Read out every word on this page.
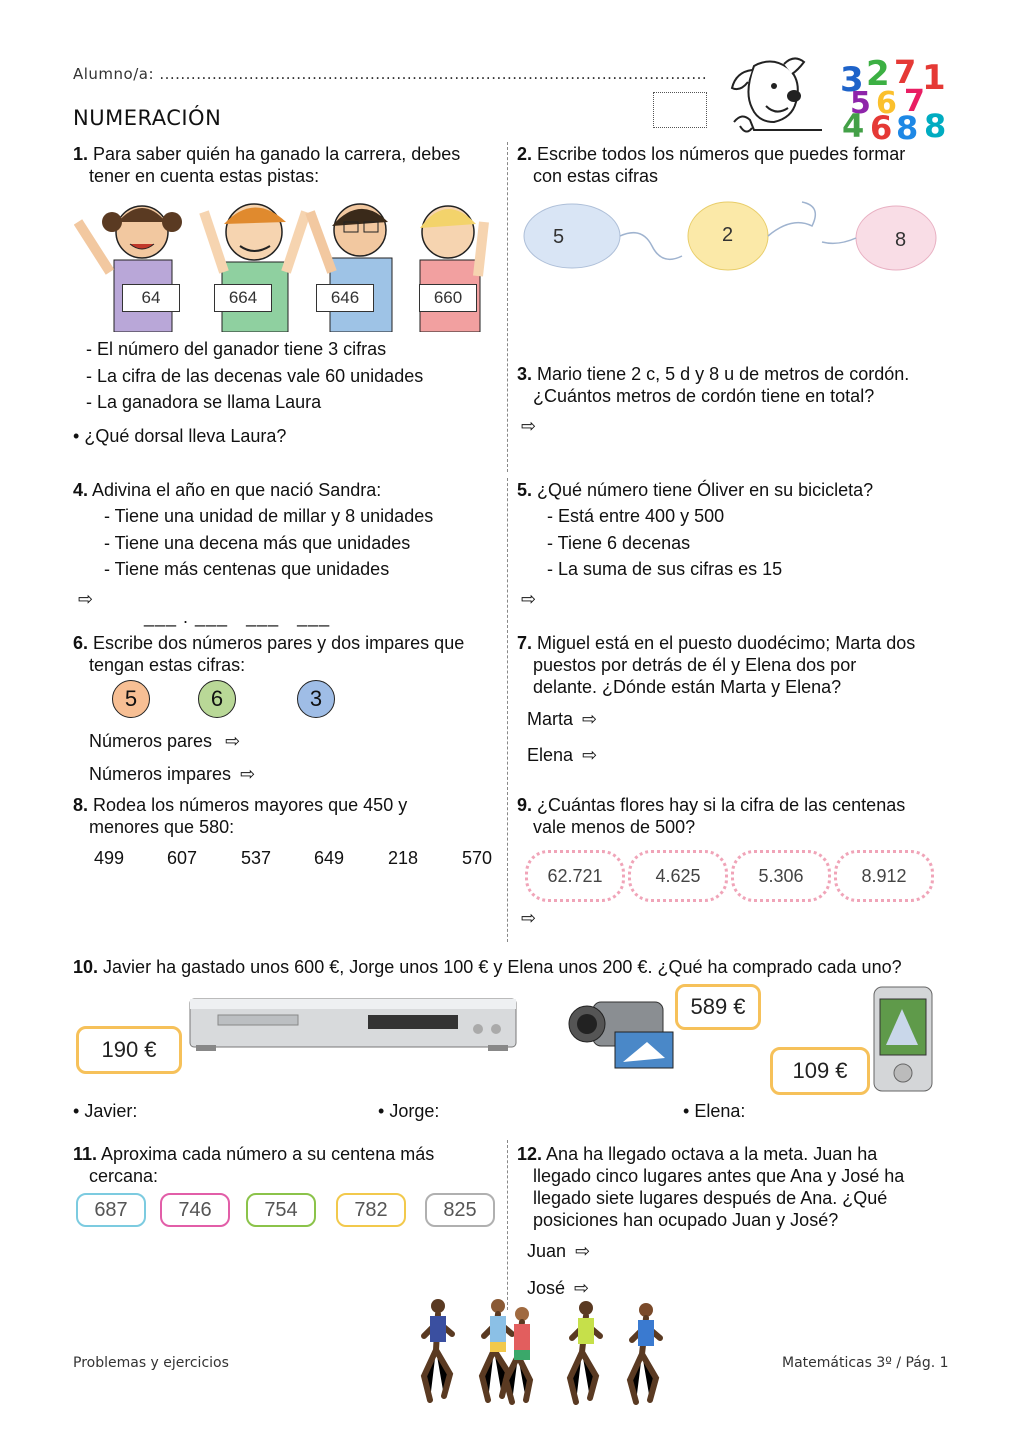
Alumno/a: ........................................................................................................
NUMERACIÓN
3 2 7 1
5 6 7
4 6 8 8
1. Para saber quién ha ganado la carrera, debes
tener en cuenta estas pistas:
64	664	646	660
- El número del ganador tiene 3 cifras
- La cifra de las decenas vale 60 unidades
- La ganadora se llama Laura
• ¿Qué dorsal lleva Laura?
2. Escribe todos los números que puedes formar
con estas cifras
5	2	8
3. Mario tiene 2 c, 5 d y 8 u de metros de cordón.
¿Cuántos metros de cordón tiene en total?
⇨
4. Adivina el año en que nació Sandra:
- Tiene una unidad de millar y 8 unidades
- Tiene una decena más que unidades
- Tiene más centenas que unidades
⇨
___ . ___   ___   ___
5. ¿Qué número tiene Óliver en su bicicleta?
- Está entre 400 y 500
- Tiene 6 decenas
- La suma de sus cifras es 15
⇨
6. Escribe dos números pares y dos impares que
tengan estas cifras:
5	6	3
Números pares ⇨
Números impares ⇨
7. Miguel está en el puesto duodécimo; Marta dos
puestos por detrás de él y Elena dos por
delante. ¿Dónde están Marta y Elena?
Marta ⇨
Elena ⇨
8. Rodea los números mayores que 450 y
menores que 580:
499 607 537 649 218 570
9. ¿Cuántas flores hay si la cifra de las centenas
vale menos de 500?
62.721	4.625	5.306	8.912
⇨
10. Javier ha gastado unos 600 €, Jorge unos 100 € y Elena unos 200 €. ¿Qué ha comprado cada uno?
190 €
589 €
109 €
• Javier:	• Jorge:	• Elena:
11. Aproxima cada número a su centena más
cercana:
687	746	754	782	825
12. Ana ha llegado octava a la meta. Juan ha
llegado cinco lugares antes que Ana y José ha
llegado siete lugares después de Ana. ¿Qué
posiciones han ocupado Juan y José?
Juan ⇨
José ⇨
Problemas y ejercicios	Matemáticas 3º / Pág. 1
